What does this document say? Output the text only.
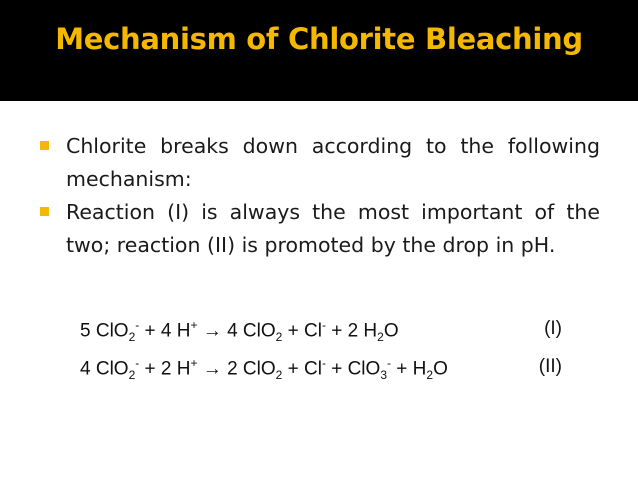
Mechanism of Chlorite Bleaching
Chlorite breaks down according to the following mechanism:
Reaction (I) is always the most important of the two; reaction (II) is promoted by the drop in pH.
5 ClO$_2$- + 4 H+ → 4 ClO$_2$ + Cl- + 2 $H_2O$	(I)
4 ClO$_2$- + 2 H+ → 2 $ClO_2 + Cl^- + ClO_3^- + H_2O$	(II)
